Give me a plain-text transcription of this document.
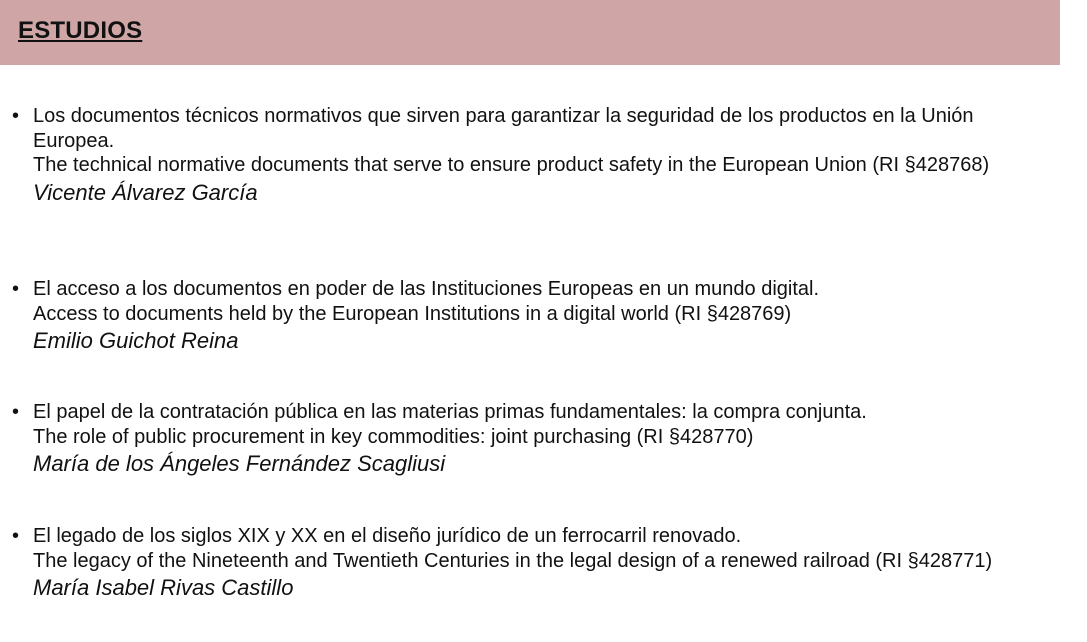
ESTUDIOS
• Los documentos técnicos normativos que sirven para garantizar la seguridad de los productos en la Unión Europea.
The technical normative documents that serve to ensure product safety in the European Union (RI §428768)
Vicente Álvarez García
• El acceso a los documentos en poder de las Instituciones Europeas en un mundo digital.
Access to documents held by the European Institutions in a digital world (RI §428769)
Emilio Guichot Reina
• El papel de la contratación pública en las materias primas fundamentales: la compra conjunta.
The role of public procurement in key commodities: joint purchasing (RI §428770)
María de los Ángeles Fernández Scagliusi
• El legado de los siglos XIX y XX en el diseño jurídico de un ferrocarril renovado.
The legacy of the Nineteenth and Twentieth Centuries in the legal design of a renewed railroad (RI §428771)
María Isabel Rivas Castillo
